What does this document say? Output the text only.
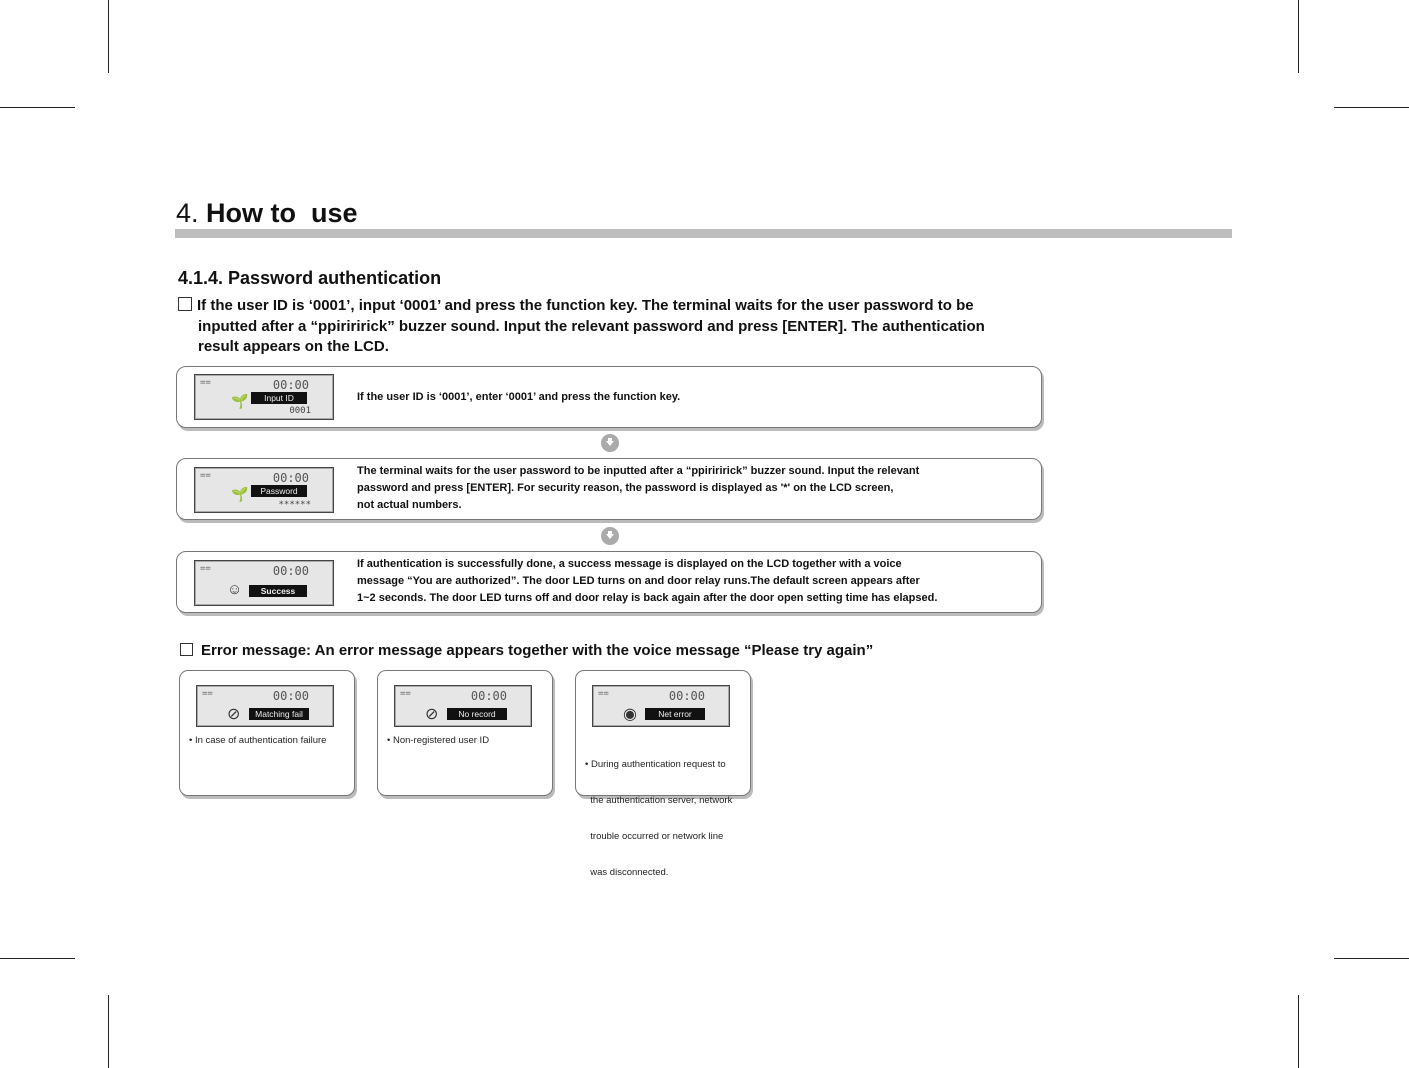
4. How to  use
4.1.4. Password authentication
If the user ID is ‘0001’, input ‘0001’ and press the function key. The terminal waits for the user password to be
inputted after a “ppiriririck” buzzer sound. Input the relevant password and press [ENTER]. The authentication
result appears on the LCD.
==	00:00
🌱	Input ID
0001
If the user ID is ‘0001’, enter ‘0001’ and press the function key.
==	00:00
🌱	Password
******
The terminal waits for the user password to be inputted after a “ppiriririck” buzzer sound. Input the relevant
password and press [ENTER]. For security reason, the password is displayed as '*' on the LCD screen,
not actual numbers.
==	00:00
☺	Success
If authentication is successfully done, a success message is displayed on the LCD together with a voice
message “You are authorized”. The door LED turns on and door relay runs.The default screen appears after
1~2 seconds. The door LED turns off and door relay is back again after the door open setting time has elapsed.
Error message: An error message appears together with the voice message “Please try again”
==	00:00
⊘	Matching fail
• In case of authentication failure
==	00:00
⊘	No record
• Non-registered user ID
==	00:00
◉	Net error

• During authentication request to

the authentication server, network

trouble occurred or network line

was disconnected.
